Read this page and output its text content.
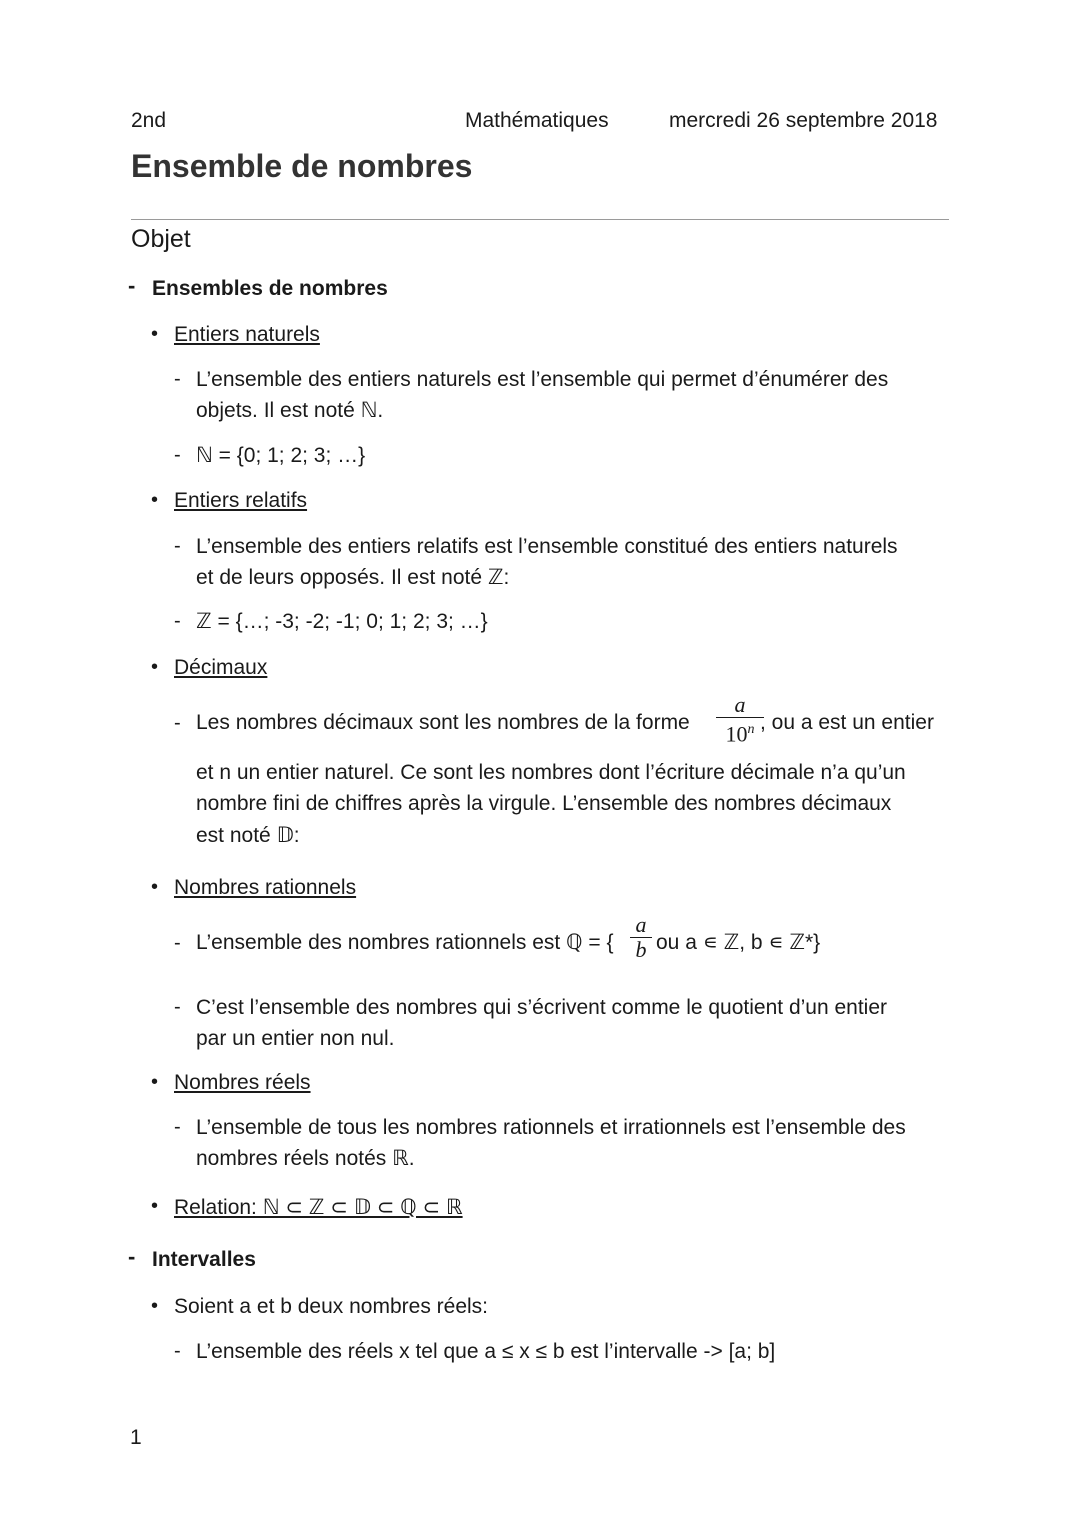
2nd	Mathématiques	mercredi 26 septembre 2018
Ensemble de nombres
Objet
- Ensembles de nombres
• Entiers naturels
- L’ensemble des entiers naturels est l’ensemble qui permet d’énumérer des
objets. Il est noté ℕ.
- ℕ = {0; 1; 2; 3; …}
• Entiers relatifs
- L’ensemble des entiers relatifs est l’ensemble constitué des entiers naturels
et de leurs opposés. Il est noté ℤ:
- ℤ = {…; -3; -2; -1; 0; 1; 2; 3; …}
• Décimaux
- Les nombres décimaux sont les nombres de la forme
a
10$^n$ , ou a est un entier
et n un entier naturel. Ce sont les nombres dont l’écriture décimale n’a qu’un
nombre fini de chiffres après la virgule. L’ensemble des nombres décimaux
est noté 𝔻:
• Nombres rationnels
- L’ensemble des nombres rationnels est ℚ = {
a
b ou a ∊ ℤ, b ∊ ℤ*}
- C’est l’ensemble des nombres qui s’écrivent comme le quotient d’un entier
par un entier non nul.
• Nombres réels
- L’ensemble de tous les nombres rationnels et irrationnels est l’ensemble des
nombres réels notés ℝ.
• Relation: ℕ ⊂ ℤ ⊂ 𝔻 ⊂ ℚ ⊂ ℝ
- Intervalles
• Soient a et b deux nombres réels:
- L’ensemble des réels x tel que a ≤ x ≤ b est l’intervalle -> [a; b]
1
